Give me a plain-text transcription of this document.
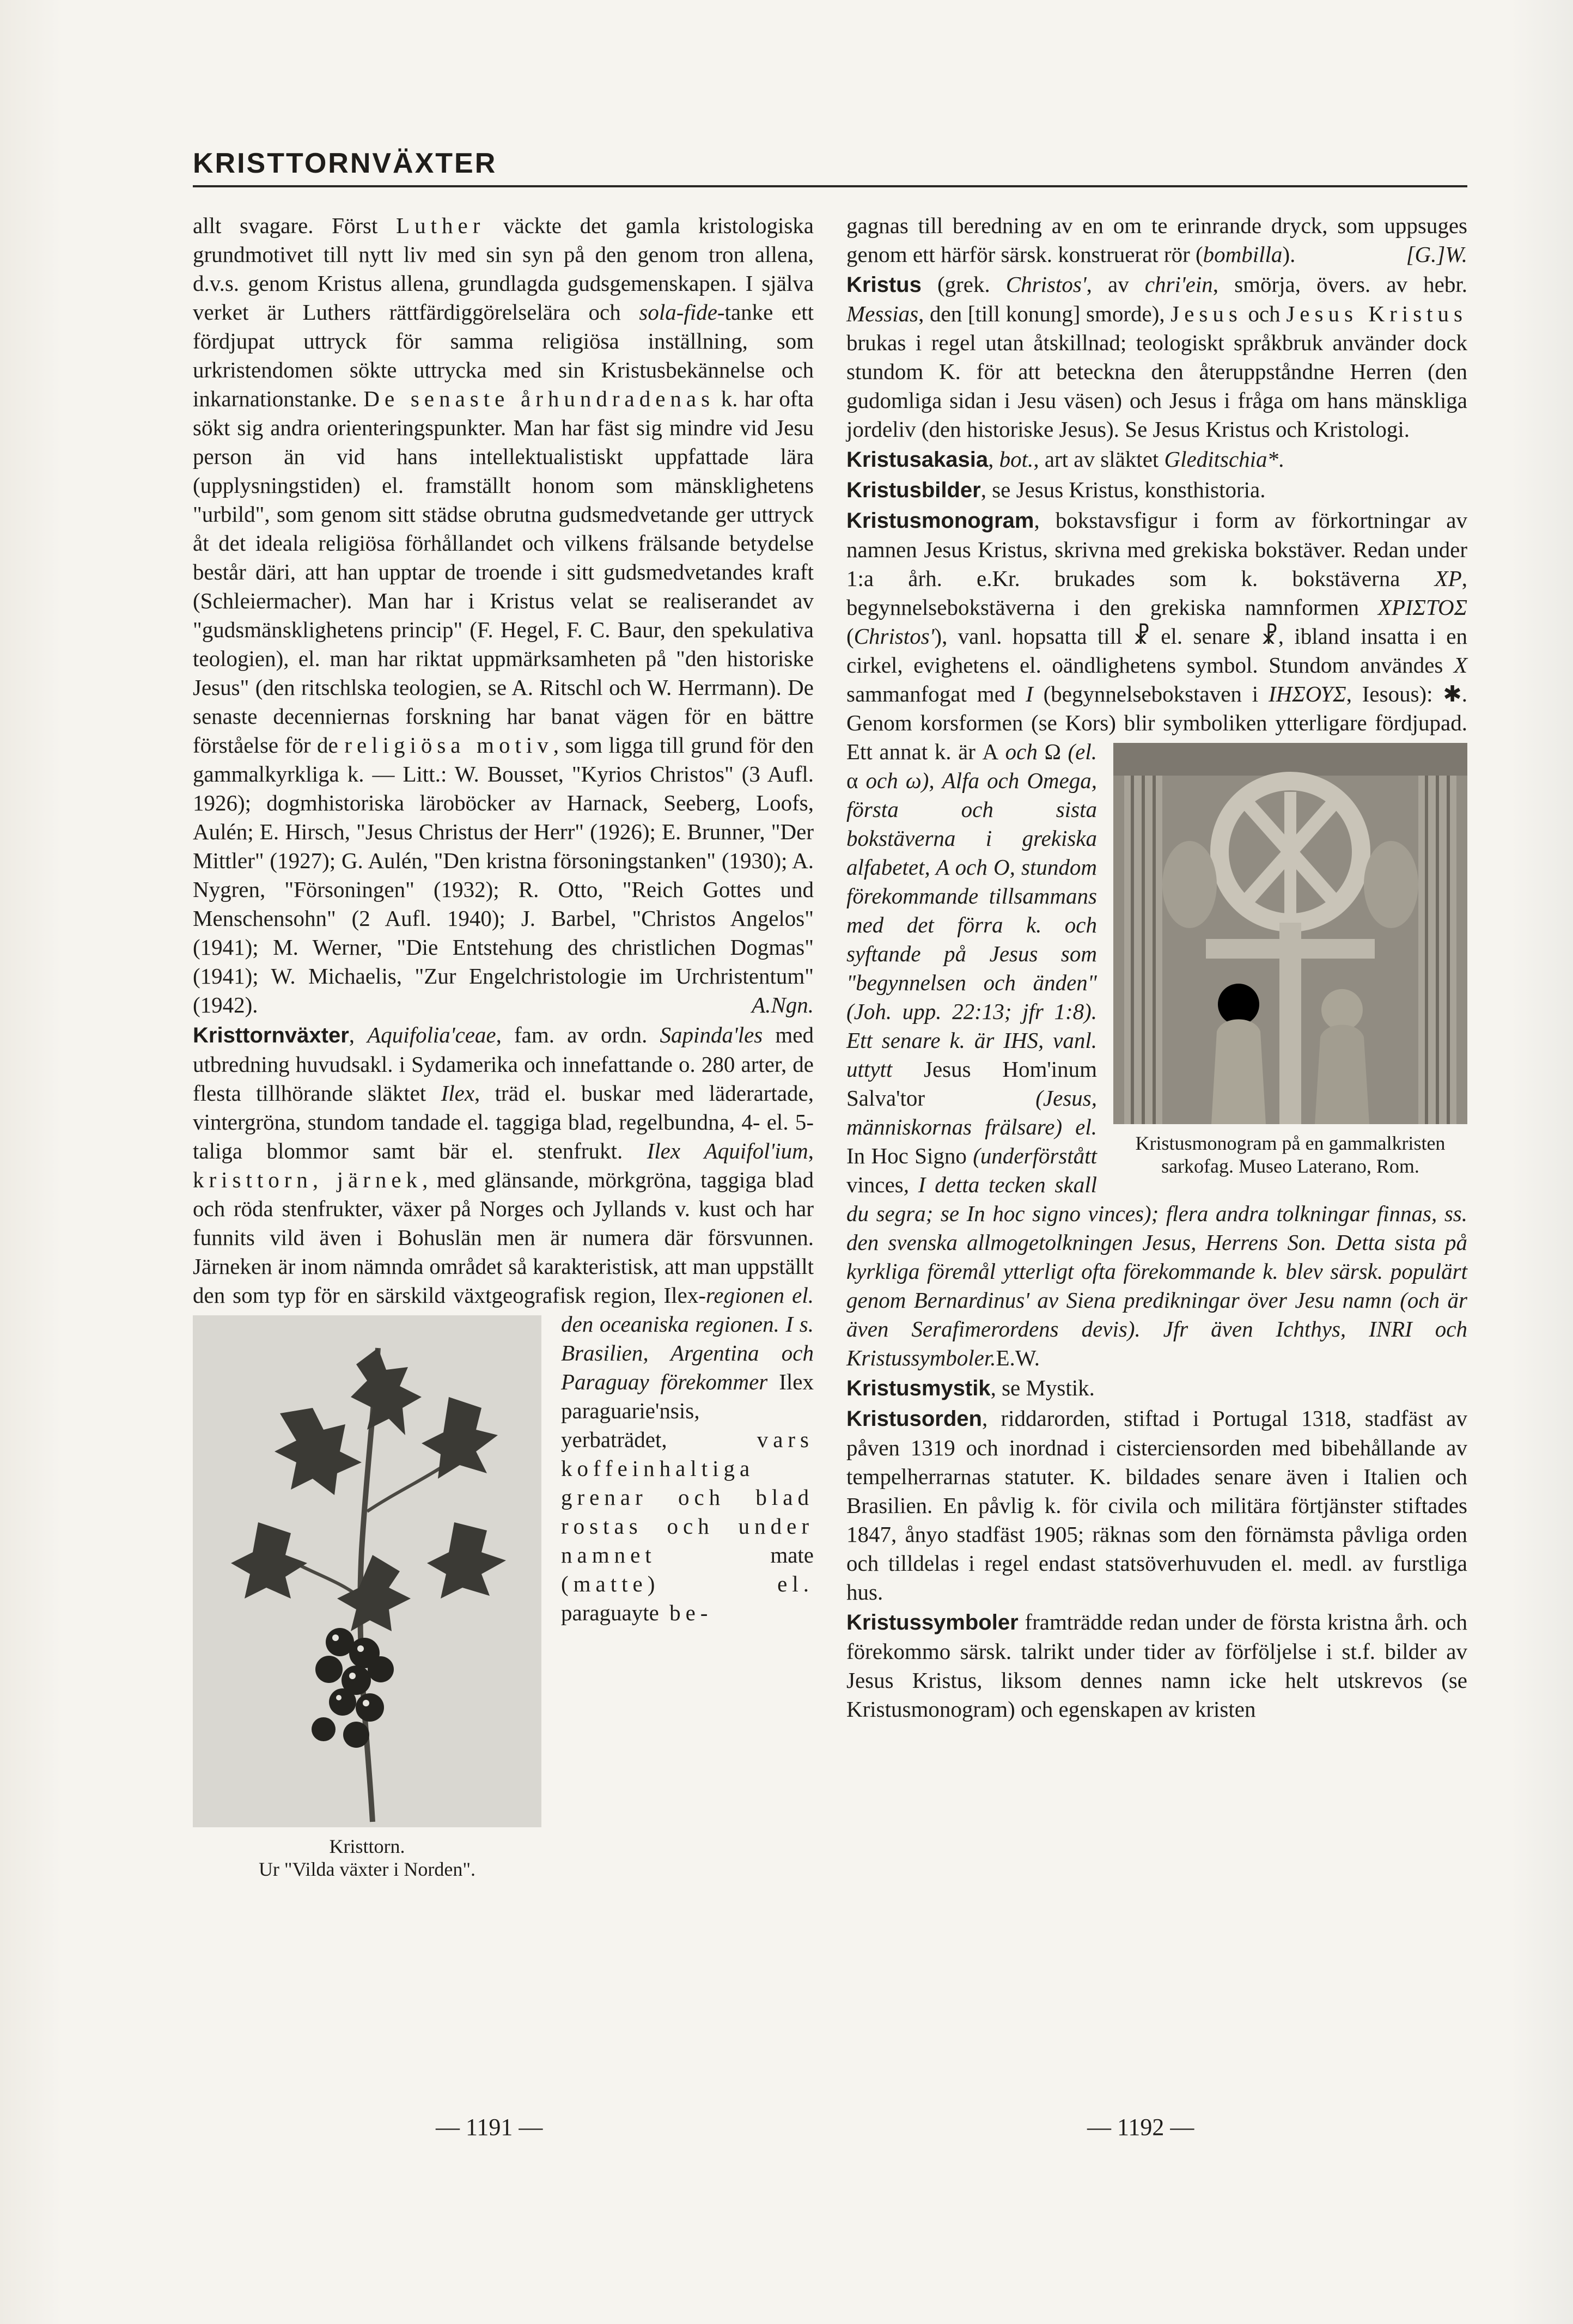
KRISTTORNVÄXTER

allt svagare. Först Luther väckte det gamla kristologiska grundmotivet till nytt liv med sin syn på den genom tron allena, d.v.s. genom Kristus allena, grundlagda gudsgemenskapen. I själva verket är Luthers rättfärdiggörelselära och sola-fide-tanke ett fördjupat uttryck för samma religiösa inställning, som urkristendomen sökte uttrycka med sin Kristusbekännelse och inkarnationstanke. De senaste århundradenas k. har ofta sökt sig andra orienteringspunkter. Man har fäst sig mindre vid Jesu person än vid hans intellektualistiskt uppfattade lära (upplysningstiden) el. framställt honom som mänsklighetens "urbild", som genom sitt städse obrutna gudsmedvetande ger uttryck åt det ideala religiösa förhållandet och vilkens frälsande betydelse består däri, att han upptar de troende i sitt gudsmedvetandes kraft (Schleiermacher). Man har i Kristus velat se realiserandet av "gudsmänsklighetens princip" (F. Hegel, F. C. Baur, den spekulativa teologien), el. man har riktat uppmärksamheten på "den historiske Jesus" (den ritschlska teologien, se A. Ritschl och W. Herrmann). De senaste decenniernas forskning har banat vägen för en bättre förståelse för de religiösa motiv, som ligga till grund för den gammalkyrkliga k. — Litt.: W. Bousset, "Kyrios Christos" (3 Aufl. 1926); dogmhistoriska läroböcker av Harnack, Seeberg, Loofs, Aulén; E. Hirsch, "Jesus Christus der Herr" (1926); E. Brunner, "Der Mittler" (1927); G. Aulén, "Den kristna försoningstanken" (1930); A. Nygren, "Försoningen" (1932); R. Otto, "Reich Gottes und Menschensohn" (2 Aufl. 1940); J. Barbel, "Christos Angelos" (1941); M. Werner, "Die Entstehung des christlichen Dogmas" (1941); W. Michaelis, "Zur Engelchristologie im Urchristentum" (1942).	A.Ngn.

Kristtornväxter, Aquifolia'ceae, fam. av ordn. Sapinda'les med utbredning huvudsakl. i Sydamerika och innefattande o. 280 arter, de flesta tillhörande släktet Ilex, träd el. buskar med läderartade, vintergröna, stundom tandade el. taggiga blad, regelbundna, 4- el. 5-taliga blommor samt bär el. stenfrukt. Ilex Aquifol'ium, kristtorn, järnek, med glänsande, mörkgröna, taggiga blad och röda stenfrukter, växer på Norges och Jyllands v. kust och har funnits vild även i Bohuslän men är numera där försvunnen. Järneken är inom nämnda området så karakteristisk, att man uppställt den som typ för en särskild växtgeografisk region,
Kristtorn.
Ur "Vilda växter i Norden".
Ilex-regionen el. den oceaniska regionen. I s. Brasilien, Argentina och Paraguay förekommer Ilex paraguarie'nsis, yerbaträdet, vars koffeinhaltiga grenar och blad rostas och under namnet mate (matte) el. paraguayte be-

gagnas till beredning av en om te erinrande dryck, som uppsuges genom ett härför särsk. konstruerat rör (bombilla).	[G.]W.

Kristus (grek. Christos', av chri'ein, smörja, övers. av hebr. Messias, den [till konung] smorde), Jesus och Jesus Kristus brukas i regel utan åtskillnad; teologiskt språkbruk använder dock stundom K. för att beteckna den återuppståndne Herren (den gudomliga sidan i Jesu väsen) och Jesus i fråga om hans mänskliga jordeliv (den historiske Jesus). Se Jesus Kristus och Kristologi.

Kristusakasia, bot., art av släktet Gleditschia*.

Kristusbilder, se Jesus Kristus, konsthistoria.

Kristusmonogram, bokstavsfigur i form av förkortningar av namnen Jesus Kristus, skrivna med grekiska bokstäver. Redan under 1:a årh. e.Kr. brukades som k. bokstäverna XP, begynnelsebokstäverna i den grekiska namnformen ΧΡΙΣΤΟΣ (Christos'), vanl. hopsatta till ☧ el. senare ☧, ibland insatta i en cirkel, evighetens el. oändlighetens symbol. Stundom användes X sammanfogat med I (begynnelsebokstaven i ΙΗΣΟΥΣ, Iesous): ✱. Genom korsformen (se Kors) blir symboliken ytterligare fördjupad. Ett annat k. är
Kristusmonogram på en gammalkristen sarkofag. Museo Laterano, Rom.
A och Ω (el. α och ω), Alfa och Omega, första och sista bokstäverna i grekiska alfabetet, A och O, stundom förekommande tillsammans med det förra k. och syftande på Jesus som "begynnelsen och änden" (Joh. upp. 22:13; jfr 1:8). Ett senare k. är IHS, vanl. uttytt Jesus Hom'inum Salva'tor (Jesus, människornas frälsare) el. In Hoc Signo (underförstått vinces, I detta tecken skall du segra; se In hoc signo vinces); flera andra tolkningar finnas, ss. den svenska allmogetolkningen Jesus, Herrens Son. Detta sista på kyrkliga föremål ytterligt ofta förekommande k. blev särsk. populärt genom Bernardinus' av Siena predikningar över Jesu namn (och är även Serafimerordens devis). Jfr även Ichthys, INRI och Kristussymboler.E.W.

Kristusmystik, se Mystik.

Kristusorden, riddarorden, stiftad i Portugal 1318, stadfäst av påven 1319 och inordnad i cisterciensorden med bibehållande av tempelherrarnas statuter. K. bildades senare även i Italien och Brasilien. En påvlig k. för civila och militära förtjänster stiftades 1847, ånyo stadfäst 1905; räknas som den förnämsta påvliga orden och tilldelas i regel endast statsöverhuvuden el. medl. av furstliga hus.

Kristussymboler framträdde redan under de första kristna årh. och förekommo särsk. talrikt under tider av förföljelse i st.f. bilder av Jesus Kristus, liksom dennes namn icke helt utskrevos (se Kristusmonogram) och egenskapen av kristen

— 1191 —	— 1192 —
